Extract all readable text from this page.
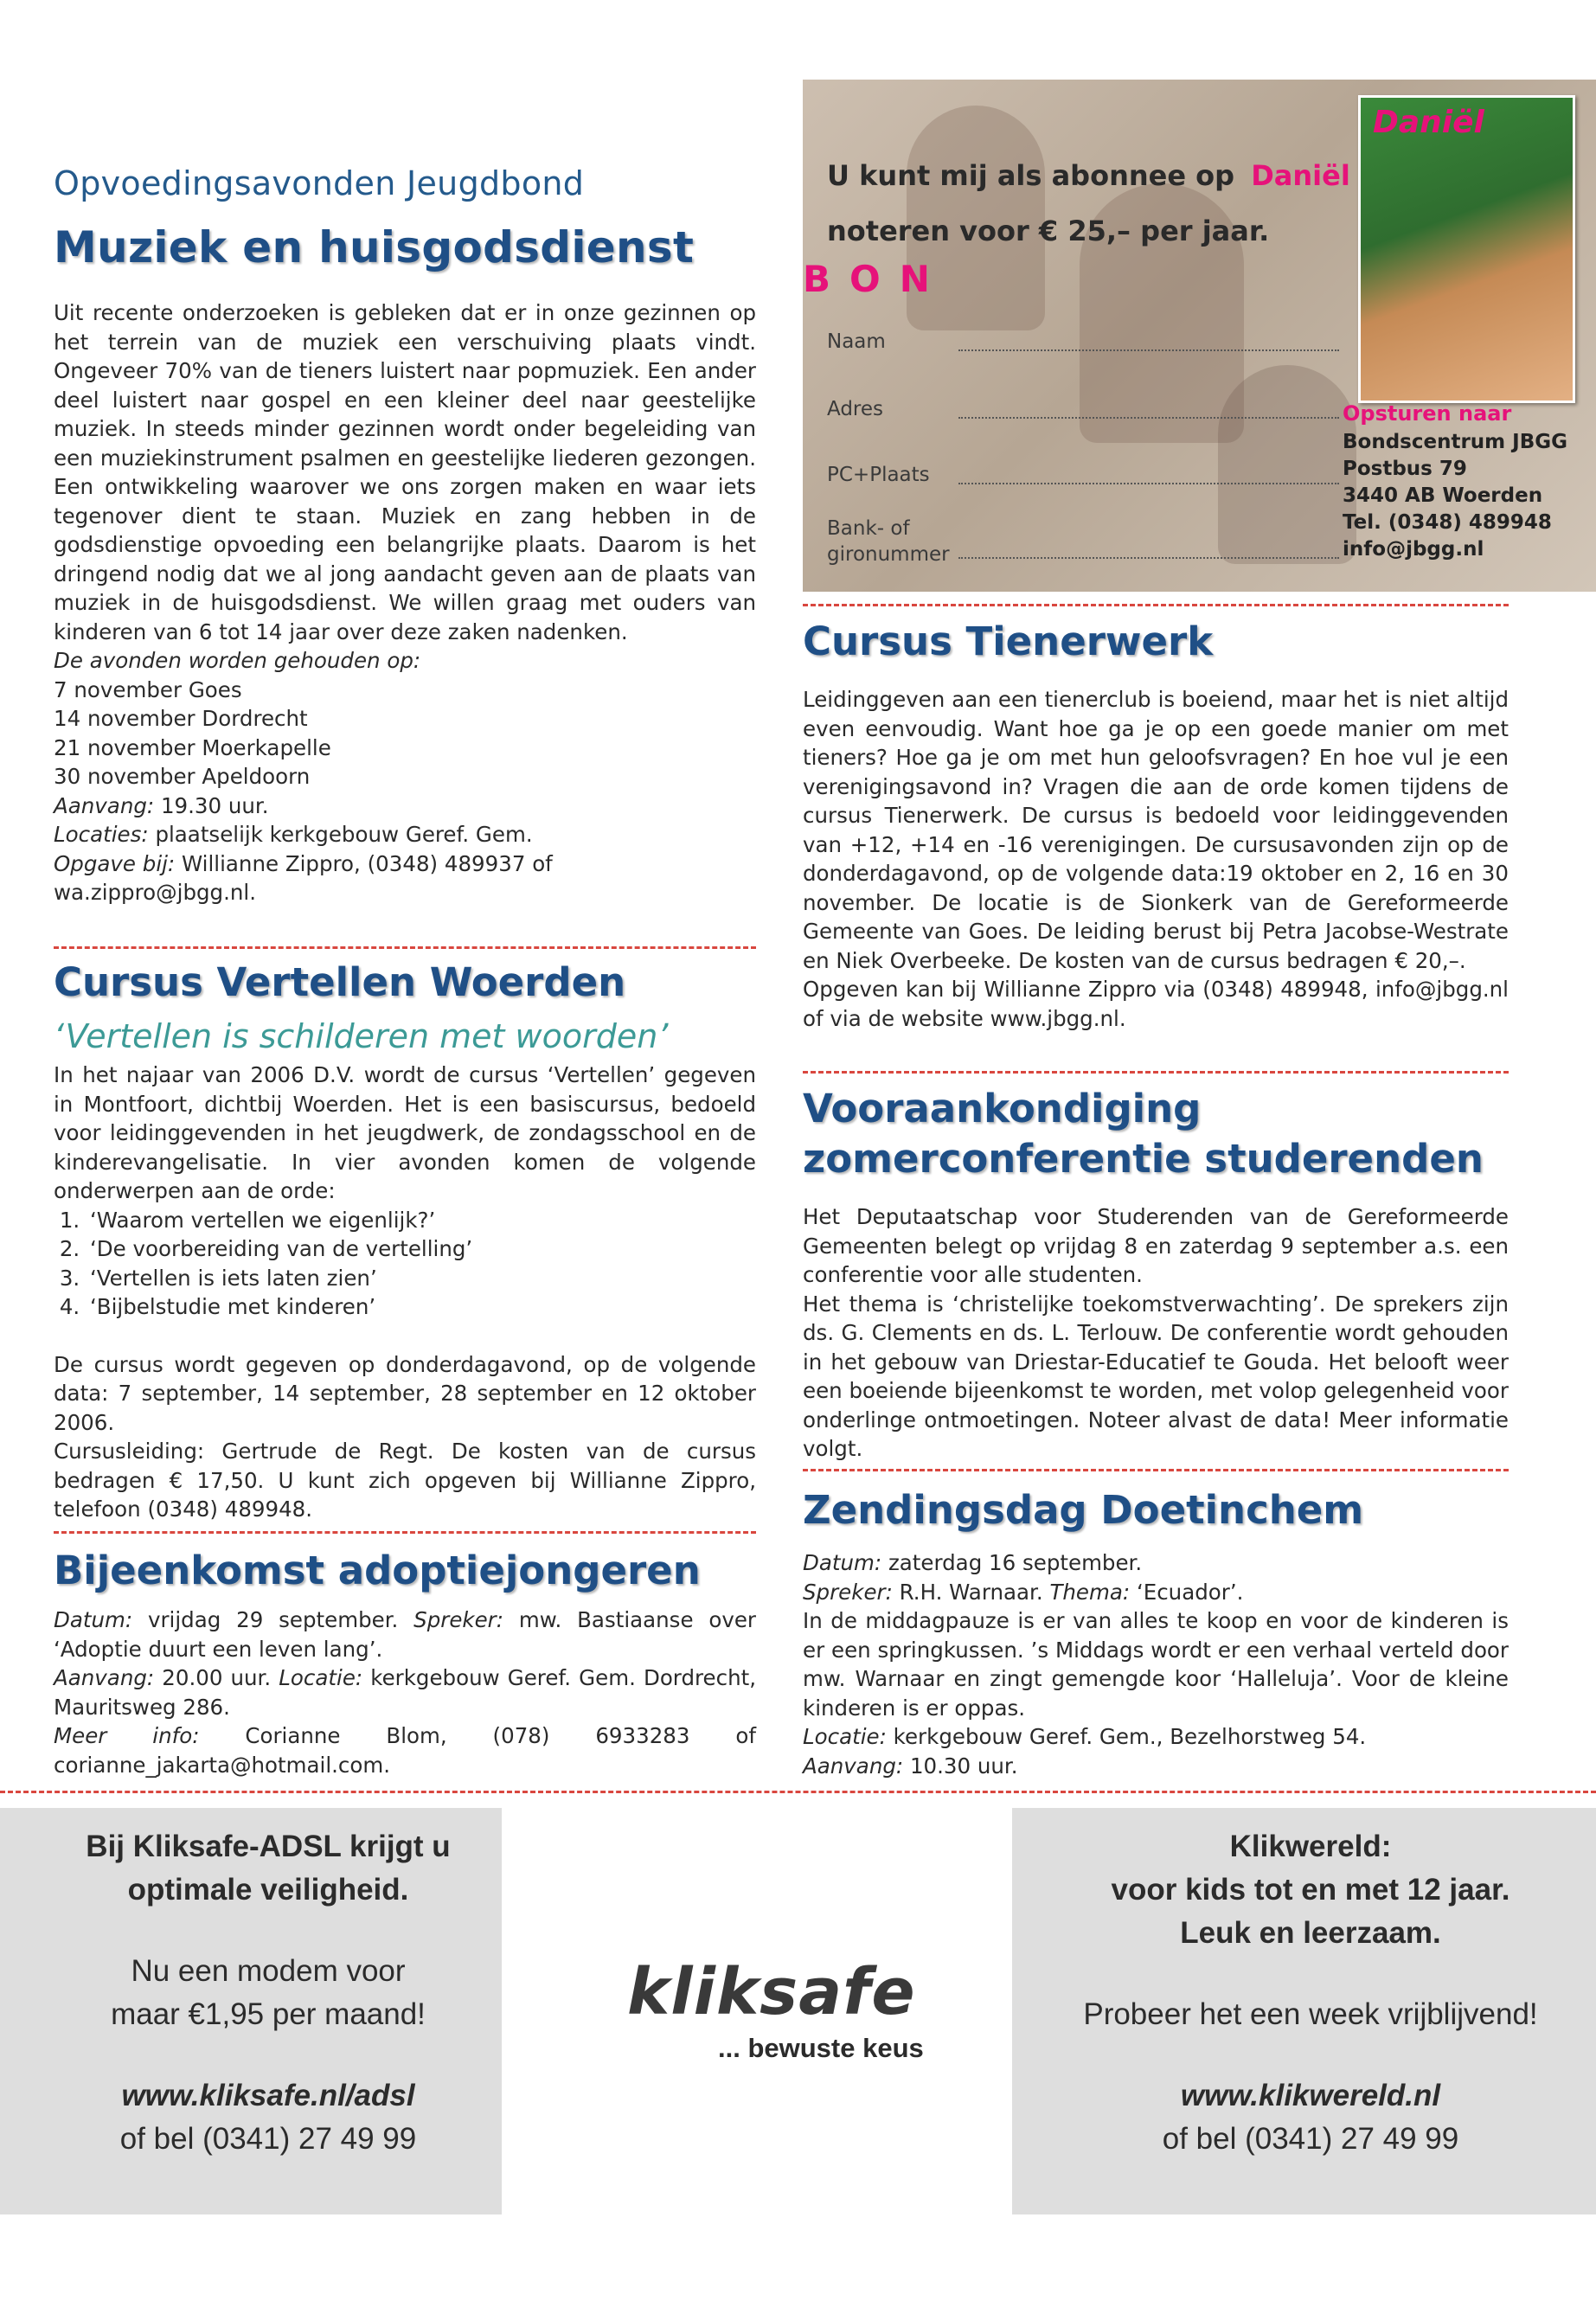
Opvoedingsavonden Jeugdbond
Muziek en huisgodsdienst

Uit recente onderzoeken is gebleken dat er in onze gezinnen op het terrein van de muziek een verschuiving plaats vindt. Ongeveer 70% van de tieners luistert naar popmuziek. Een ander deel luistert naar gospel en een kleiner deel naar geestelijke muziek. In steeds minder gezinnen wordt onder begeleiding van een muziekinstrument psalmen en geestelijke liederen gezongen. Een ontwikkeling waarover we ons zorgen maken en waar iets tegenover dient te staan. Muziek en zang hebben in de godsdienstige opvoeding een belangrijke plaats. Daarom is het dringend nodig dat we al jong aandacht geven aan de plaats van muziek in de huisgodsdienst. We willen graag met ouders van kinderen van 6 tot 14 jaar over deze zaken nadenken.

De avonden worden gehouden op:

7 november Goes

14 november Dordrecht

21 november Moerkapelle

30 november Apeldoorn

Aanvang: 19.30 uur.

Locaties: plaatselijk kerkgebouw Geref. Gem.

Opgave bij: Willianne Zippro, (0348) 489937 of

wa.zippro@jbgg.nl.

Cursus Vertellen Woerden
‘Vertellen is schilderen met woorden’

In het najaar van 2006 D.V. wordt de cursus ‘Vertellen’ gegeven in Montfoort, dichtbij Woerden. Het is een basiscursus, bedoeld voor leidinggevenden in het jeugdwerk, de zondagsschool en de kinderevangelisatie. In vier avonden komen de volgende onderwerpen aan de orde:

1. ‘Waarom vertellen we eigenlijk?’
2. ‘De voorbereiding van de vertelling’
3. ‘Vertellen is iets laten zien’
4. ‘Bijbelstudie met kinderen’

De cursus wordt gegeven op donderdagavond, op de volgende data: 7 september, 14 september, 28 september en 12 oktober 2006.

Cursusleiding: Gertrude de Regt. De kosten van de cursus bedragen € 17,50. U kunt zich opgeven bij Willianne Zippro, telefoon (0348) 489948.

Bijeenkomst adoptiejongeren

Datum: vrijdag 29 september. Spreker: mw. Bastiaanse over ‘Adoptie duurt een leven lang’.

Aanvang: 20.00 uur. Locatie: kerkgebouw Geref. Gem. Dordrecht, Mauritsweg 286.

Meer info: Corianne Blom, (078) 6933283 of corianne_jakarta@hotmail.com.

U kunt mij als abonnee op Daniël
noteren voor € 25,– per jaar.
BON
Naam
Adres
PC+Plaats
Bank- of
gironummer
Daniël
Opsturen naar
Bondscentrum JBGG
Postbus 79
3440 AB Woerden
Tel. (0348) 489948
info@jbgg.nl
Cursus Tienerwerk

Leidinggeven aan een tienerclub is boeiend, maar het is niet altijd even eenvoudig. Want hoe ga je op een goede manier om met tieners? Hoe ga je om met hun geloofsvragen? En hoe vul je een verenigingsavond in? Vragen die aan de orde komen tijdens de cursus Tienerwerk. De cursus is bedoeld voor leidinggevenden van +12, +14 en -16 verenigingen. De cursusavonden zijn op de donderdagavond, op de volgende data:19 oktober en 2, 16 en 30 november. De locatie is de Sionkerk van de Gereformeerde Gemeente van Goes. De leiding berust bij Petra Jacobse-Westrate en Niek Overbeeke. De kosten van de cursus bedragen € 20,–.

Opgeven kan bij Willianne Zippro via (0348) 489948, info@jbgg.nl of via de website www.jbgg.nl.

Vooraankondiging
zomerconferentie studerenden

Het Deputaatschap voor Studerenden van de Gereformeerde Gemeenten belegt op vrijdag 8 en zaterdag 9 september a.s. een conferentie voor alle studenten.

Het thema is ‘christelijke toekomstverwachting’. De sprekers zijn ds. G. Clements en ds. L. Terlouw. De conferentie wordt gehouden in het gebouw van Driestar-Educatief te Gouda. Het belooft weer een boeiende bijeenkomst te worden, met volop gelegenheid voor onderlinge ontmoetingen. Noteer alvast de data! Meer informatie volgt.

Zendingsdag Doetinchem

Datum: zaterdag 16 september.

Spreker: R.H. Warnaar. Thema: ‘Ecuador’.

In de middagpauze is er van alles te koop en voor de kinderen is er een springkussen. ’s Middags wordt er een verhaal verteld door mw. Warnaar en zingt gemengde koor ‘Halleluja’. Voor de kleine kinderen is er oppas.

Locatie: kerkgebouw Geref. Gem., Bezelhorstweg 54.

Aanvang: 10.30 uur.

Bij Kliksafe-ADSL krijgt u
optimale veiligheid.
Nu een modem voor
maar €1,95 per maand!
www.kliksafe.nl/adsl
of bel (0341) 27 49 99
kliksafe
... bewuste keus
Klikwereld:
voor kids tot en met 12 jaar.
Leuk en leerzaam.
Probeer het een week vrijblijvend!
www.klikwereld.nl
of bel (0341) 27 49 99
